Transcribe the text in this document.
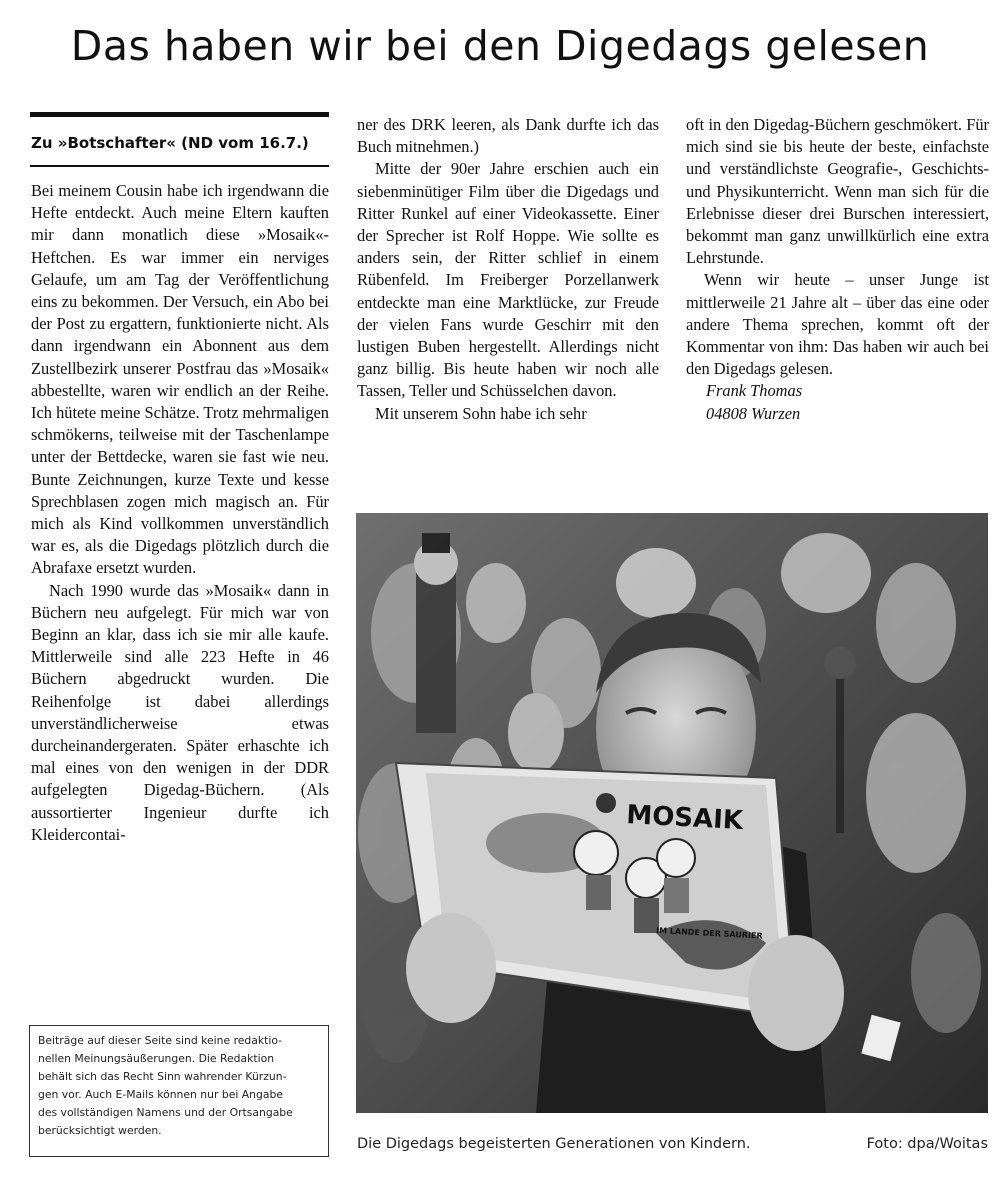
Das haben wir bei den Digedags gelesen
Zu »Botschafter« (ND vom 16.7.)

Bei meinem Cousin habe ich irgendwann die Hefte entdeckt. Auch meine Eltern kauften mir dann monatlich diese »Mosaik«-Heftchen. Es war immer ein nerviges Gelaufe, um am Tag der Veröffentlichung eins zu bekommen. Der Versuch, ein Abo bei der Post zu ergattern, funktionierte nicht. Als dann irgendwann ein Abonnent aus dem Zustellbezirk unserer Postfrau das »Mosaik« abbestellte, waren wir endlich an der Reihe. Ich hütete meine Schätze. Trotz mehrmaligen schmökerns, teilweise mit der Taschenlampe unter der Bettdecke, waren sie fast wie neu. Bunte Zeichnungen, kurze Texte und kesse Sprechblasen zogen mich magisch an. Für mich als Kind vollkommen unverständlich war es, als die Digedags plötzlich durch die Abrafaxe ersetzt wurden.

Nach 1990 wurde das »Mosaik« dann in Büchern neu aufgelegt. Für mich war von Beginn an klar, dass ich sie mir alle kaufe. Mittlerweile sind alle 223 Hefte in 46 Büchern abgedruckt wurden. Die Reihenfolge ist dabei allerdings unverständlicherweise etwas durcheinandergeraten. Später erhaschte ich mal eines von den wenigen in der DDR aufgelegten Digedag-Büchern. (Als aussortierter Ingenieur durfte ich Kleidercontai-

ner des DRK leeren, als Dank durfte ich das Buch mitnehmen.)

Mitte der 90er Jahre erschien auch ein siebenminütiger Film über die Digedags und Ritter Runkel auf einer Videokassette. Einer der Sprecher ist Rolf Hoppe. Wie sollte es anders sein, der Ritter schlief in einem Rübenfeld. Im Freiberger Porzellanwerk entdeckte man eine Marktlücke, zur Freude der vielen Fans wurde Geschirr mit den lustigen Buben hergestellt. Allerdings nicht ganz billig. Bis heute haben wir noch alle Tassen, Teller und Schüsselchen davon.

Mit unserem Sohn habe ich sehr

oft in den Digedag-Büchern geschmökert. Für mich sind sie bis heute der beste, einfachste und verständlichste Geografie-, Geschichts- und Physikunterricht. Wenn man sich für die Erlebnisse dieser drei Burschen interessiert, bekommt man ganz unwillkürlich eine extra Lehrstunde.

Wenn wir heute – unser Junge ist mittlerweile 21 Jahre alt – über das eine oder andere Thema sprechen, kommt oft der Kommentar von ihm: Das haben wir auch bei den Digedags gelesen.

Frank Thomas

04808 Wurzen

Beiträge auf dieser Seite sind keine redaktio-
nellen Meinungsäußerungen. Die Redaktion
behält sich das Recht Sinn wahrender Kürzun-
gen vor. Auch E-Mails können nur bei Angabe
des vollständigen Namens und der Ortsangabe
berücksichtigt werden.
MOSAIK
IM LANDE DER SAURIER
Die Digedags begeisterten Generationen von Kindern.	Foto: dpa/Woitas
